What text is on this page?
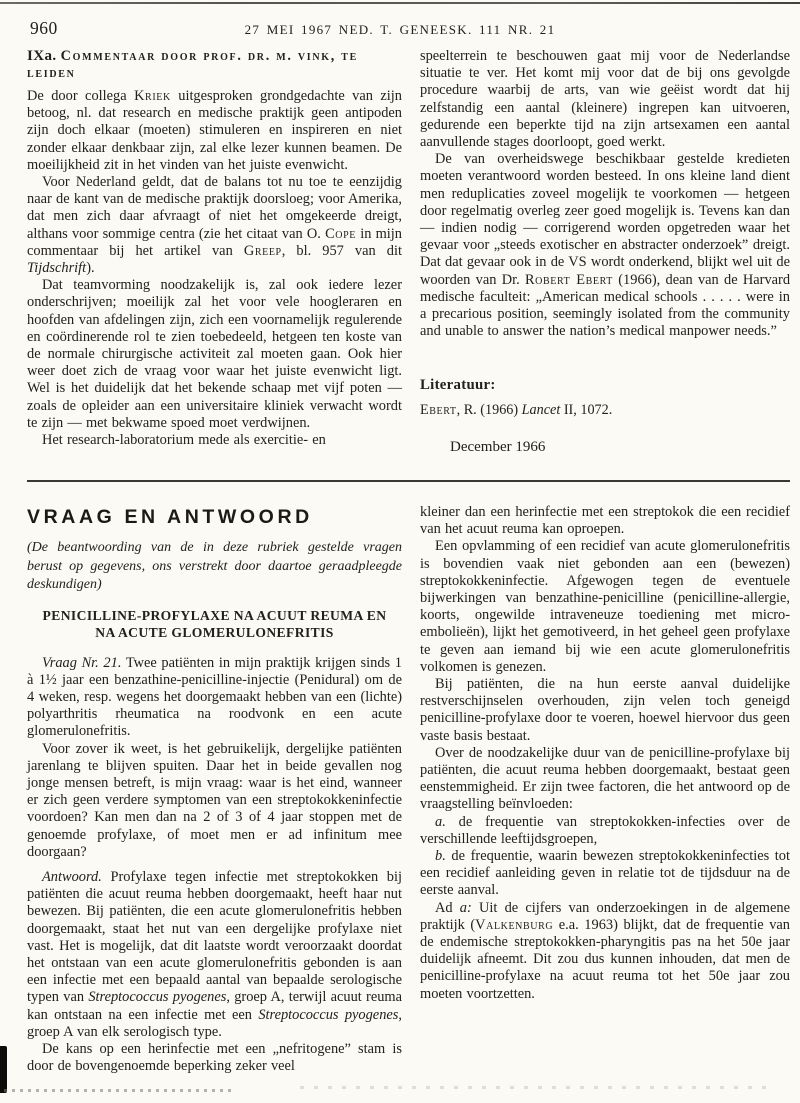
960	27 MEI 1967 NED. T. GENEESK. 111 NR. 21
IXa. Commentaar door prof. dr. m. vink, te leiden

De door collega Kriek uitgesproken grondgedachte van zijn betoog, nl. dat research en medische praktijk geen antipoden zijn doch elkaar (moeten) stimuleren en inspireren en niet zonder elkaar denkbaar zijn, zal elke lezer kunnen beamen. De moeilijkheid zit in het vinden van het juiste evenwicht.

Voor Nederland geldt, dat de balans tot nu toe te eenzijdig naar de kant van de medische praktijk doorsloeg; voor Amerika, dat men zich daar afvraagt of niet het omgekeerde dreigt, althans voor sommige centra (zie het citaat van O. Cope in mijn commentaar bij het artikel van Greep, bl. 957 van dit Tijdschrift).

Dat teamvorming noodzakelijk is, zal ook iedere lezer onderschrijven; moeilijk zal het voor vele hoogleraren en hoofden van afdelingen zijn, zich een voornamelijk regulerende en coördinerende rol te zien toebedeeld, hetgeen ten koste van de normale chirurgische activiteit zal moeten gaan. Ook hier weer doet zich de vraag voor waar het juiste evenwicht ligt. Wel is het duidelijk dat het bekende schaap met vijf poten — zoals de opleider aan een universitaire kliniek verwacht wordt te zijn — met bekwame spoed moet verdwijnen.

Het research-laboratorium mede als exercitie- en

speelterrein te beschouwen gaat mij voor de Nederlandse situatie te ver. Het komt mij voor dat de bij ons gevolgde procedure waarbij de arts, van wie geëist wordt dat hij zelfstandig een aantal (kleinere) ingrepen kan uitvoeren, gedurende een beperkte tijd na zijn artsexamen een aantal aanvullende stages doorloopt, goed werkt.

De van overheidswege beschikbaar gestelde kredieten moeten verantwoord worden besteed. In ons kleine land dient men reduplicaties zoveel mogelijk te voorkomen — hetgeen door regelmatig overleg zeer goed mogelijk is. Tevens kan dan — indien nodig — corrigerend worden opgetreden waar het gevaar voor „steeds exotischer en abstracter onderzoek” dreigt. Dat dat gevaar ook in de VS wordt onderkend, blijkt wel uit de woorden van Dr. Robert Ebert (1966), dean van de Harvard medische faculteit: „American medical schools . . . . . were in a precarious position, seemingly isolated from the community and unable to answer the nation’s medical manpower needs.”

Literatuur:

Ebert, R. (1966) Lancet II, 1072.

December 1966

VRAAG EN ANTWOORD

(De beantwoording van de in deze rubriek gestelde vragen berust op gegevens, ons verstrekt door daartoe geraadpleegde deskundigen)

PENICILLINE-PROFYLAXE NA ACUUT REUMA EN NA ACUTE GLOMERULONEFRITIS

Vraag Nr. 21. Twee patiënten in mijn praktijk krijgen sinds 1 à 1½ jaar een benzathine-penicilline-injectie (Penidural) om de 4 weken, resp. wegens het doorgemaakt hebben van een (lichte) polyarthritis rheumatica na roodvonk en een acute glomerulonefritis.

Voor zover ik weet, is het gebruikelijk, dergelijke patiënten jarenlang te blijven spuiten. Daar het in beide gevallen nog jonge mensen betreft, is mijn vraag: waar is het eind, wanneer er zich geen verdere symptomen van een streptokokkeninfectie voordoen? Kan men dan na 2 of 3 of 4 jaar stoppen met de genoemde profylaxe, of moet men er ad infinitum mee doorgaan?

Antwoord. Profylaxe tegen infectie met streptokokken bij patiënten die acuut reuma hebben doorgemaakt, heeft haar nut bewezen. Bij patiënten, die een acute glomerulonefritis hebben doorgemaakt, staat het nut van een dergelijke profylaxe niet vast. Het is mogelijk, dat dit laatste wordt veroorzaakt doordat het ontstaan van een acute glomerulonefritis gebonden is aan een infectie met een bepaald aantal van bepaalde serologische typen van Streptococcus pyogenes, groep A, terwijl acuut reuma kan ontstaan na een infectie met een Streptococcus pyogenes, groep A van elk serologisch type.

De kans op een herinfectie met een „nefritogene” stam is door de bovengenoemde beperking zeker veel

kleiner dan een herinfectie met een streptokok die een recidief van het acuut reuma kan oproepen.

Een opvlamming of een recidief van acute glomerulonefritis is bovendien vaak niet gebonden aan een (bewezen) streptokokkeninfectie. Afgewogen tegen de eventuele bijwerkingen van benzathine-penicilline (penicilline-allergie, koorts, ongewilde intraveneuze toediening met micro-embolieën), lijkt het gemotiveerd, in het geheel geen profylaxe te geven aan iemand bij wie een acute glomerulonefritis volkomen is genezen.

Bij patiënten, die na hun eerste aanval duidelijke restverschijnselen overhouden, zijn velen toch geneigd penicilline-profylaxe door te voeren, hoewel hiervoor dus geen vaste basis bestaat.

Over de noodzakelijke duur van de penicilline-profylaxe bij patiënten, die acuut reuma hebben doorgemaakt, bestaat geen eenstemmigheid. Er zijn twee factoren, die het antwoord op de vraagstelling beïnvloeden:

a. de frequentie van streptokokken-infecties over de verschillende leeftijdsgroepen,

b. de frequentie, waarin bewezen streptokokkeninfecties tot een recidief aanleiding geven in relatie tot de tijdsduur na de eerste aanval.

Ad a: Uit de cijfers van onderzoekingen in de algemene praktijk (Valkenburg e.a. 1963) blijkt, dat de frequentie van de endemische streptokokken-pharyngitis pas na het 50e jaar duidelijk afneemt. Dit zou dus kunnen inhouden, dat men de penicilline-profylaxe na acuut reuma tot het 50e jaar zou moeten voortzetten.
